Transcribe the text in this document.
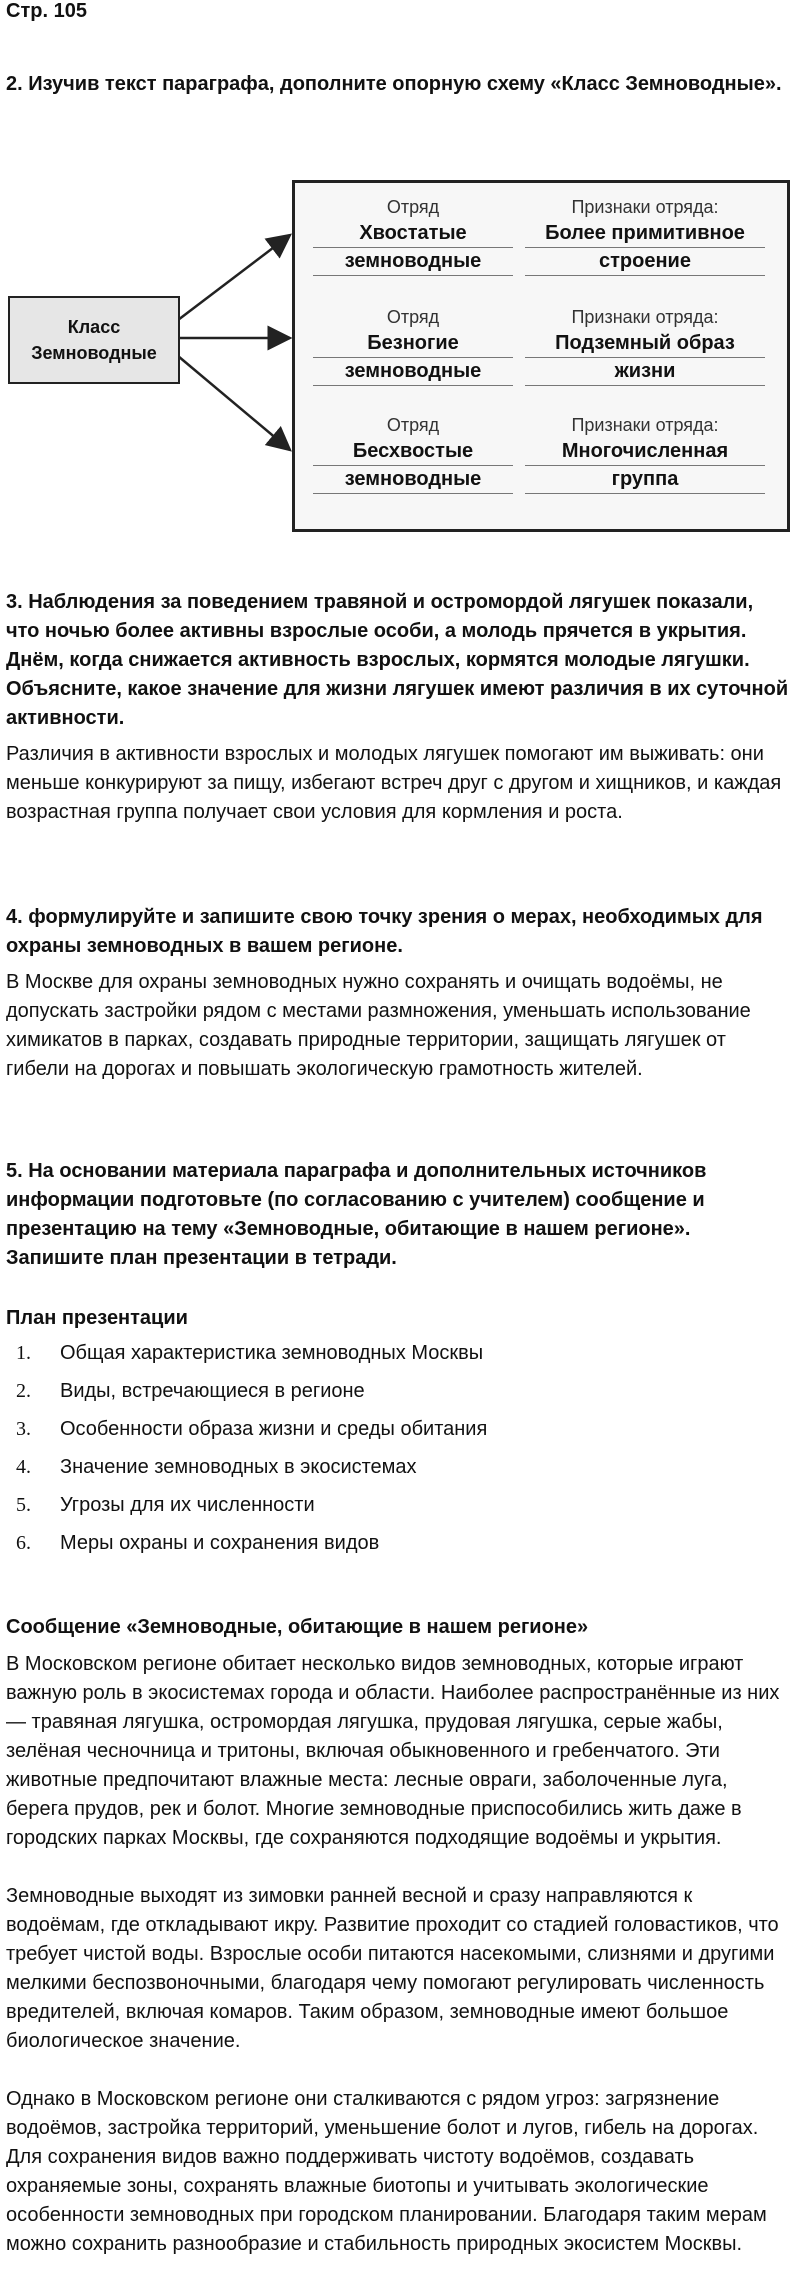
Стр. 105
2. Изучив текст параграфа, дополните опорную схему «Класс Земноводные».
Класс
Земноводные
Отряд
Хвостатые
земноводные
Признаки отряда:
Более примитивное
строение
Отряд
Безногие
земноводные
Признаки отряда:
Подземный образ
жизни
Отряд
Бесхвостые
земноводные
Признаки отряда:
Многочисленная
группа
3. Наблюдения за поведением травяной и остромордой лягушек показали, что ночью более активны взрослые особи, а молодь прячется в укрытия. Днём, когда снижается активность взрослых, кормятся молодые лягушки. Объясните, какое значение для жизни лягушек имеют различия в их суточной активности.
Различия в активности взрослых и молодых лягушек помогают им выживать: они меньше конкурируют за пищу, избегают встреч друг с другом и хищников, и каждая возрастная группа получает свои условия для кормления и роста.
4. формулируйте и запишите свою точку зрения о мерах, необходимых для охраны земноводных в вашем регионе.
В Москве для охраны земноводных нужно сохранять и очищать водоёмы, не допускать застройки рядом с местами размножения, уменьшать использование химикатов в парках, создавать природные территории, защищать лягушек от гибели на дорогах и повышать экологическую грамотность жителей.
5. На основании материала параграфа и дополнительных источников информации подготовьте (по согласованию с учителем) сообщение и презентацию на тему «Земноводные, обитающие в нашем регионе». Запишите план презентации в тетради.
План презентации
1. Общая характеристика земноводных Москвы
2. Виды, встречающиеся в регионе
3. Особенности образа жизни и среды обитания
4. Значение земноводных в экосистемах
5. Угрозы для их численности
6. Меры охраны и сохранения видов
Сообщение «Земноводные, обитающие в нашем регионе»
В Московском регионе обитает несколько видов земноводных, которые играют важную роль в экосистемах города и области. Наиболее распространённые из них — травяная лягушка, остромордая лягушка, прудовая лягушка, серые жабы, зелёная чесночница и тритоны, включая обыкновенного и гребенчатого. Эти животные предпочитают влажные места: лесные овраги, заболоченные луга, берега прудов, рек и болот. Многие земноводные приспособились жить даже в городских парках Москвы, где сохраняются подходящие водоёмы и укрытия.
Земноводные выходят из зимовки ранней весной и сразу направляются к водоёмам, где откладывают икру. Развитие проходит со стадией головастиков, что требует чистой воды. Взрослые особи питаются насекомыми, слизнями и другими мелкими беспозвоночными, благодаря чему помогают регулировать численность вредителей, включая комаров. Таким образом, земноводные имеют большое биологическое значение.
Однако в Московском регионе они сталкиваются с рядом угроз: загрязнение водоёмов, застройка территорий, уменьшение болот и лугов, гибель на дорогах. Для сохранения видов важно поддерживать чистоту водоёмов, создавать охраняемые зоны, сохранять влажные биотопы и учитывать экологические особенности земноводных при городском планировании. Благодаря таким мерам можно сохранить разнообразие и стабильность природных экосистем Москвы.
